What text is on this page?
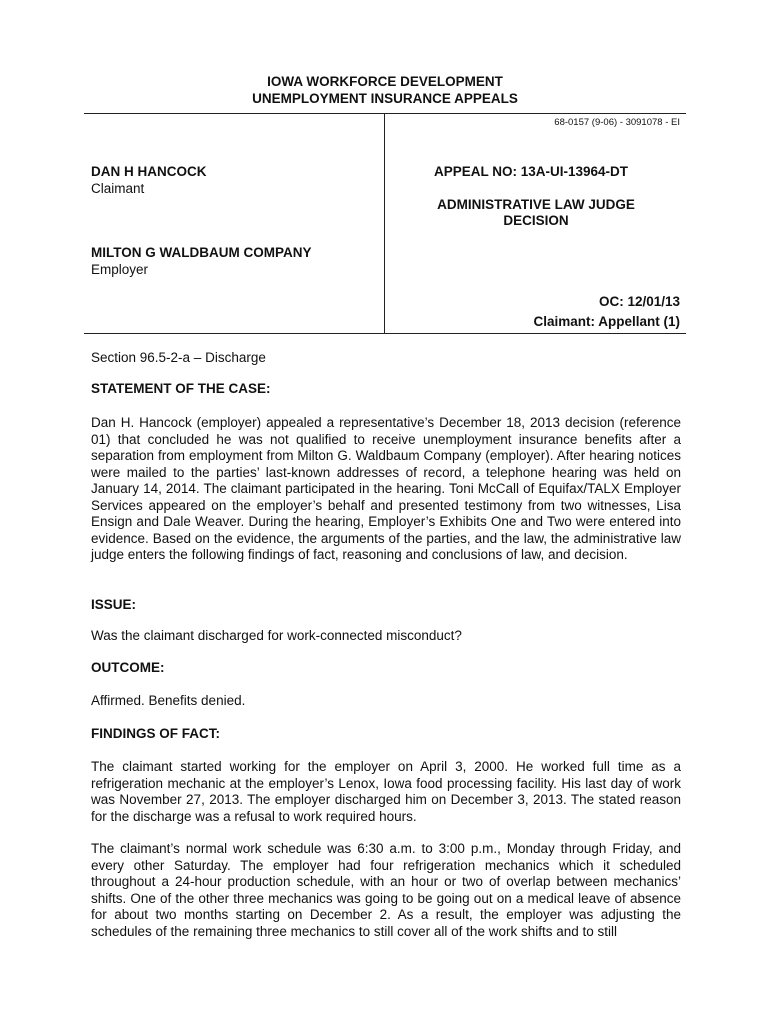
IOWA WORKFORCE DEVELOPMENT
UNEMPLOYMENT INSURANCE APPEALS
68-0157 (9-06) - 3091078 - EI
DAN H HANCOCK
Claimant
MILTON G WALDBAUM COMPANY
Employer
APPEAL NO: 13A-UI-13964-DT
ADMINISTRATIVE LAW JUDGE
DECISION
OC: 12/01/13
Claimant: Appellant (1)
Section 96.5-2-a – Discharge
STATEMENT OF THE CASE:
Dan H. Hancock (employer) appealed a representative’s December 18, 2013 decision (reference 01) that concluded he was not qualified to receive unemployment insurance benefits after a separation from employment from Milton G. Waldbaum Company (employer). After hearing notices were mailed to the parties’ last-known addresses of record, a telephone hearing was held on January 14, 2014. The claimant participated in the hearing. Toni McCall of Equifax/TALX Employer Services appeared on the employer’s behalf and presented testimony from two witnesses, Lisa Ensign and Dale Weaver. During the hearing, Employer’s Exhibits One and Two were entered into evidence. Based on the evidence, the arguments of the parties, and the law, the administrative law judge enters the following findings of fact, reasoning and conclusions of law, and decision.
ISSUE:
Was the claimant discharged for work-connected misconduct?
OUTCOME:
Affirmed. Benefits denied.
FINDINGS OF FACT:
The claimant started working for the employer on April 3, 2000. He worked full time as a refrigeration mechanic at the employer’s Lenox, Iowa food processing facility. His last day of work was November 27, 2013. The employer discharged him on December 3, 2013. The stated reason for the discharge was a refusal to work required hours.
The claimant’s normal work schedule was 6:30 a.m. to 3:00 p.m., Monday through Friday, and every other Saturday. The employer had four refrigeration mechanics which it scheduled throughout a 24-hour production schedule, with an hour or two of overlap between mechanics’ shifts. One of the other three mechanics was going to be going out on a medical leave of absence for about two months starting on December 2. As a result, the employer was adjusting the schedules of the remaining three mechanics to still cover all of the work shifts and to still
